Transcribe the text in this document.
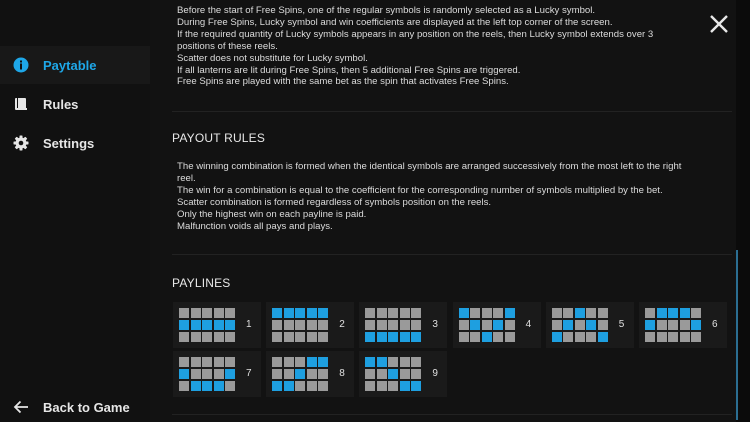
Paytable
Rules
Settings
Back to Game
Before the start of Free Spins, one of the regular symbols is randomly selected as a Lucky symbol.
During Free Spins, Lucky symbol and win coefficients are displayed at the left top corner of the screen.
If the required quantity of Lucky symbols appears in any position on the reels, then Lucky symbol extends over 3
positions of these reels.
Scatter does not substitute for Lucky symbol.
If all lanterns are lit during Free Spins, then 5 additional Free Spins are triggered.
Free Spins are played with the same bet as the spin that activates Free Spins.
PAYOUT RULES
The winning combination is formed when the identical symbols are arranged successively from the most left to the right
reel.
The win for a combination is equal to the coefficient for the corresponding number of symbols multiplied by the bet.
Scatter combination is formed regardless of symbols position on the reels.
Only the highest win on each payline is paid.
Malfunction voids all pays and plays.
PAYLINES
1	2	3	4	5	6
7	8	9
